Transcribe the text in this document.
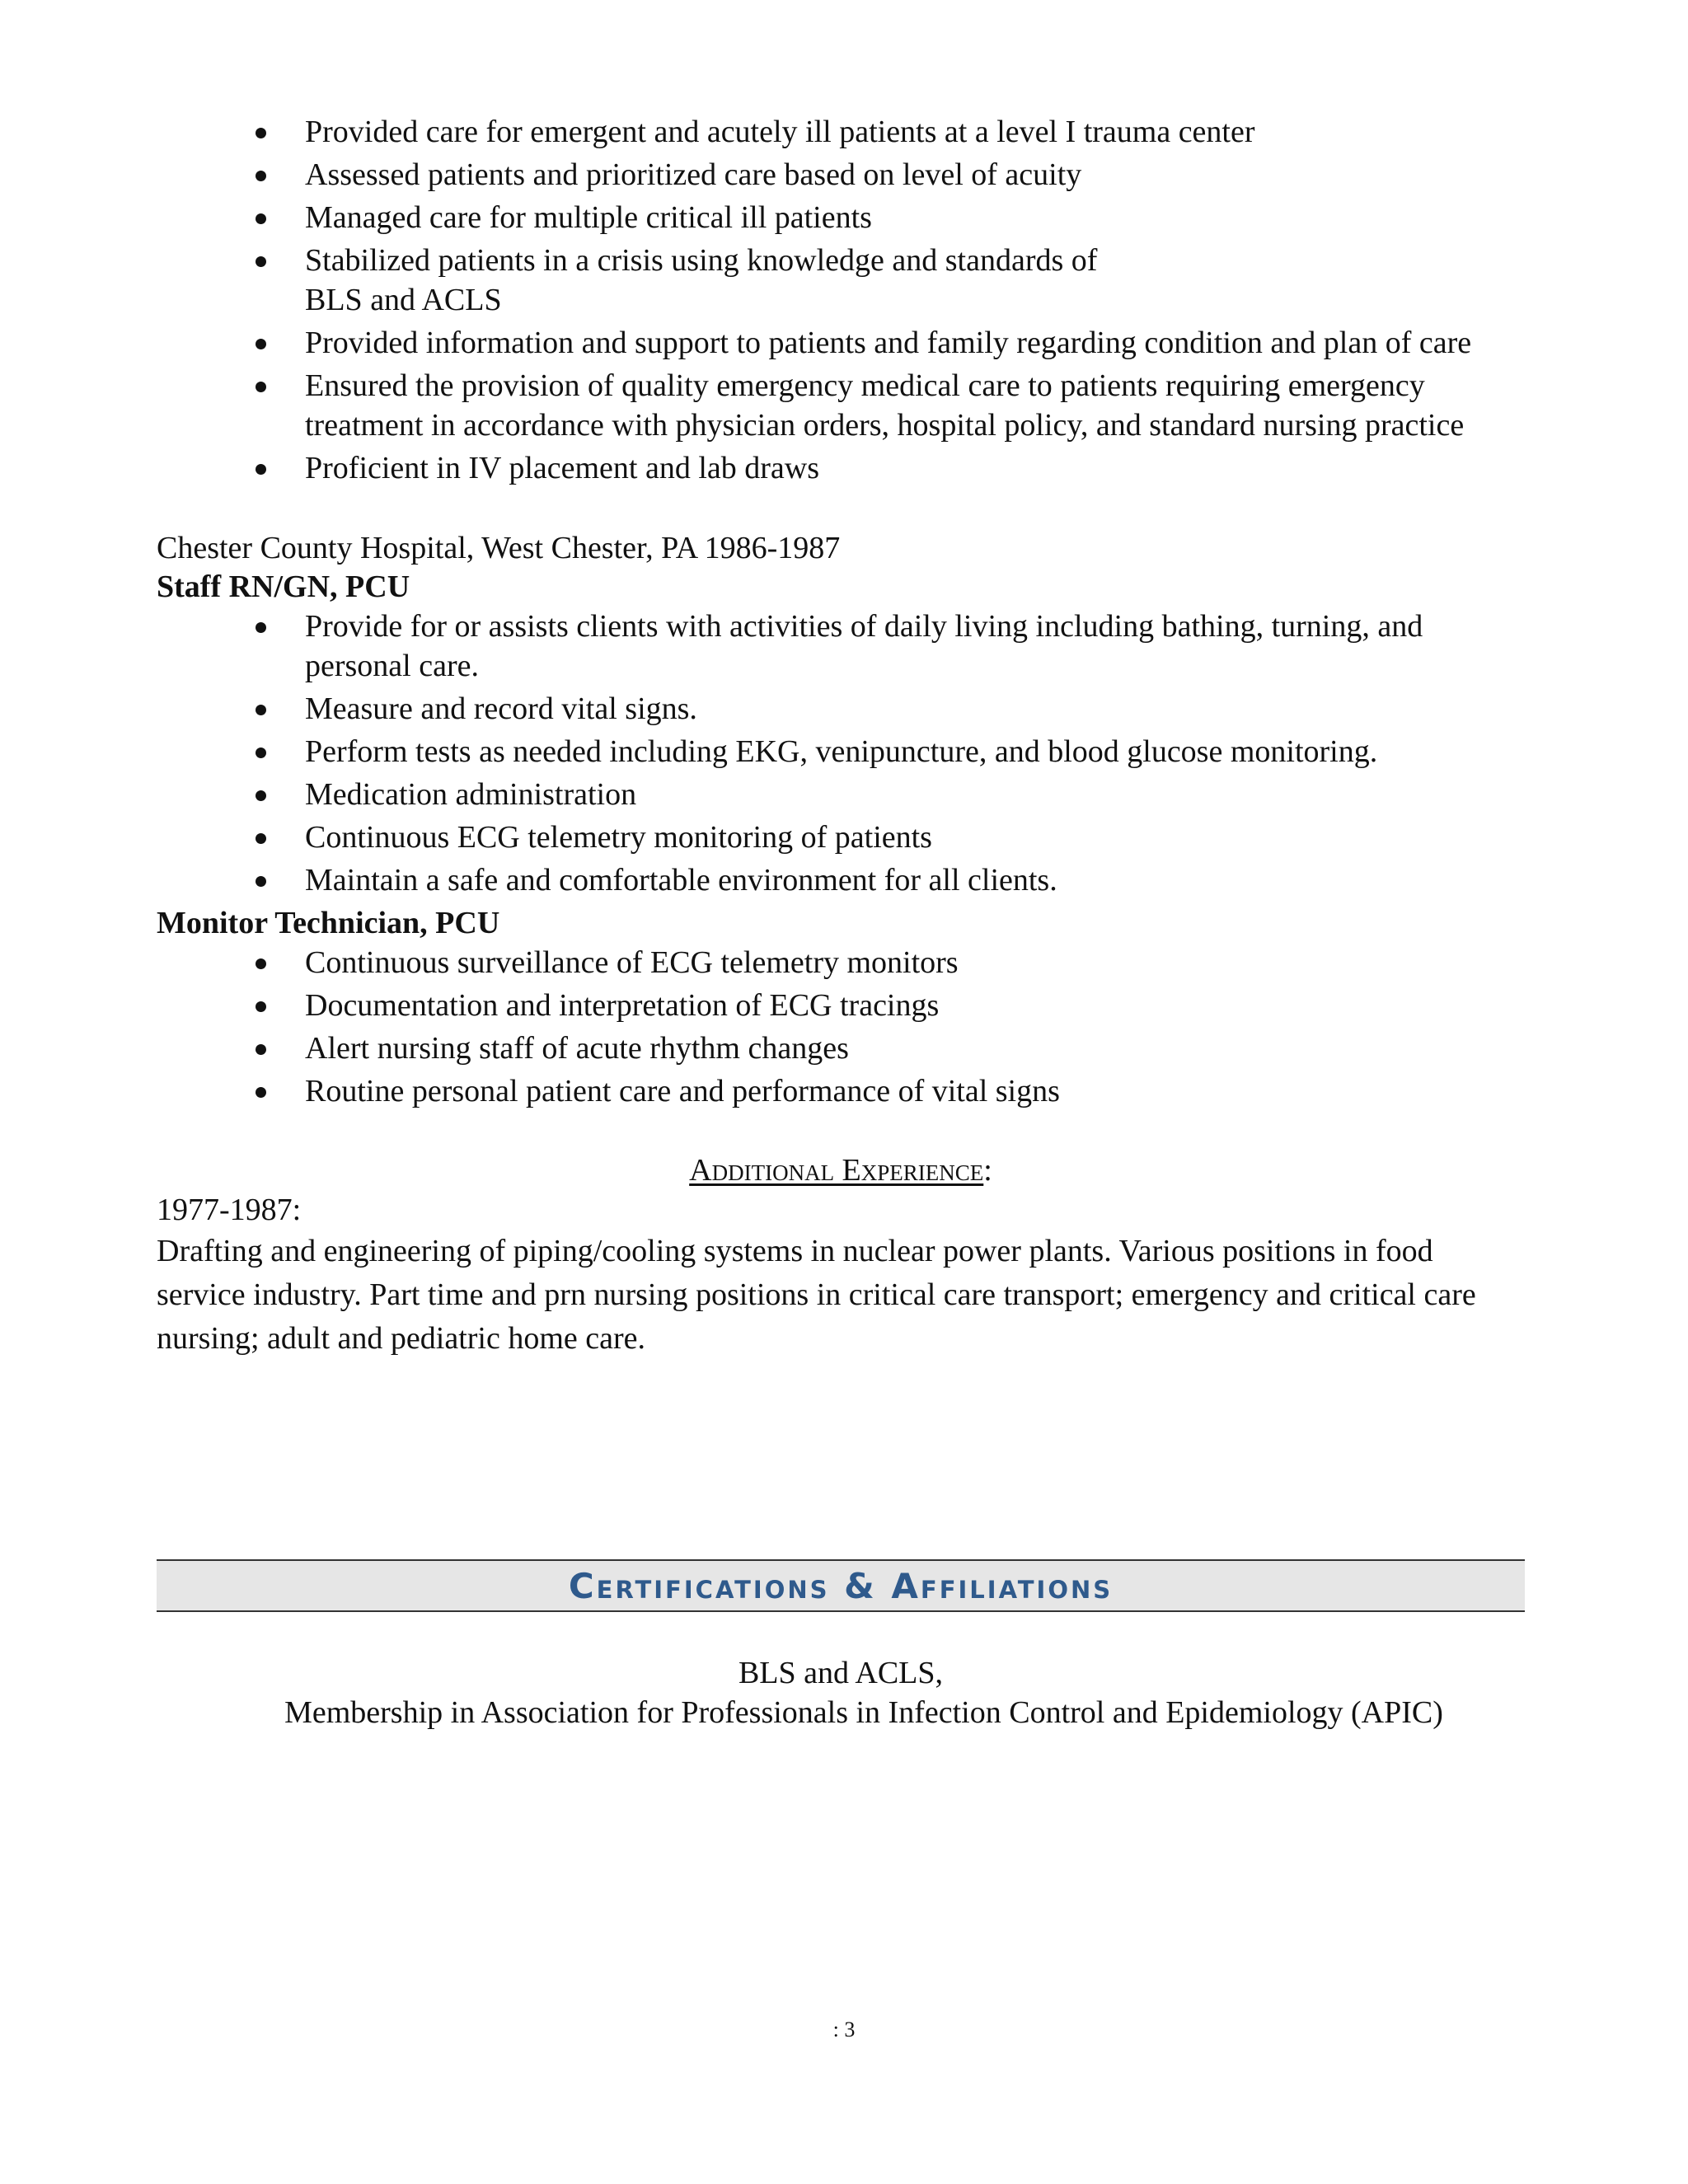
Provided care for emergent and acutely ill patients at a level I trauma center
Assessed patients and prioritized care based on level of acuity
Managed care for multiple critical ill patients
Stabilized patients in a crisis using knowledge and standards of BLS and ACLS
Provided information and support to patients and family regarding condition and plan of care
Ensured the provision of quality emergency medical care to patients requiring emergency treatment in accordance with physician orders, hospital policy, and standard nursing practice
Proficient in IV placement and lab draws
Chester County Hospital, West Chester, PA 1986-1987
Staff RN/GN, PCU
Provide for or assists clients with activities of daily living including bathing, turning, and personal care.
Measure and record vital signs.
Perform tests as needed including EKG, venipuncture, and blood glucose monitoring.
Medication administration
Continuous ECG telemetry monitoring of patients
Maintain a safe and comfortable environment for all clients.
Monitor Technician, PCU
Continuous surveillance of ECG telemetry monitors
Documentation and interpretation of ECG tracings
Alert nursing staff of acute rhythm changes
Routine personal patient care and performance of vital signs
Additional Experience:
1977-1987:

Drafting and engineering of piping/cooling systems in nuclear power plants. Various positions in food service industry. Part time and prn nursing positions in critical care transport; emergency and critical care nursing; adult and pediatric home care.

Certifications & Affiliations
BLS and ACLS,
Membership in Association for Professionals in Infection Control and Epidemiology (APIC)
: 3
